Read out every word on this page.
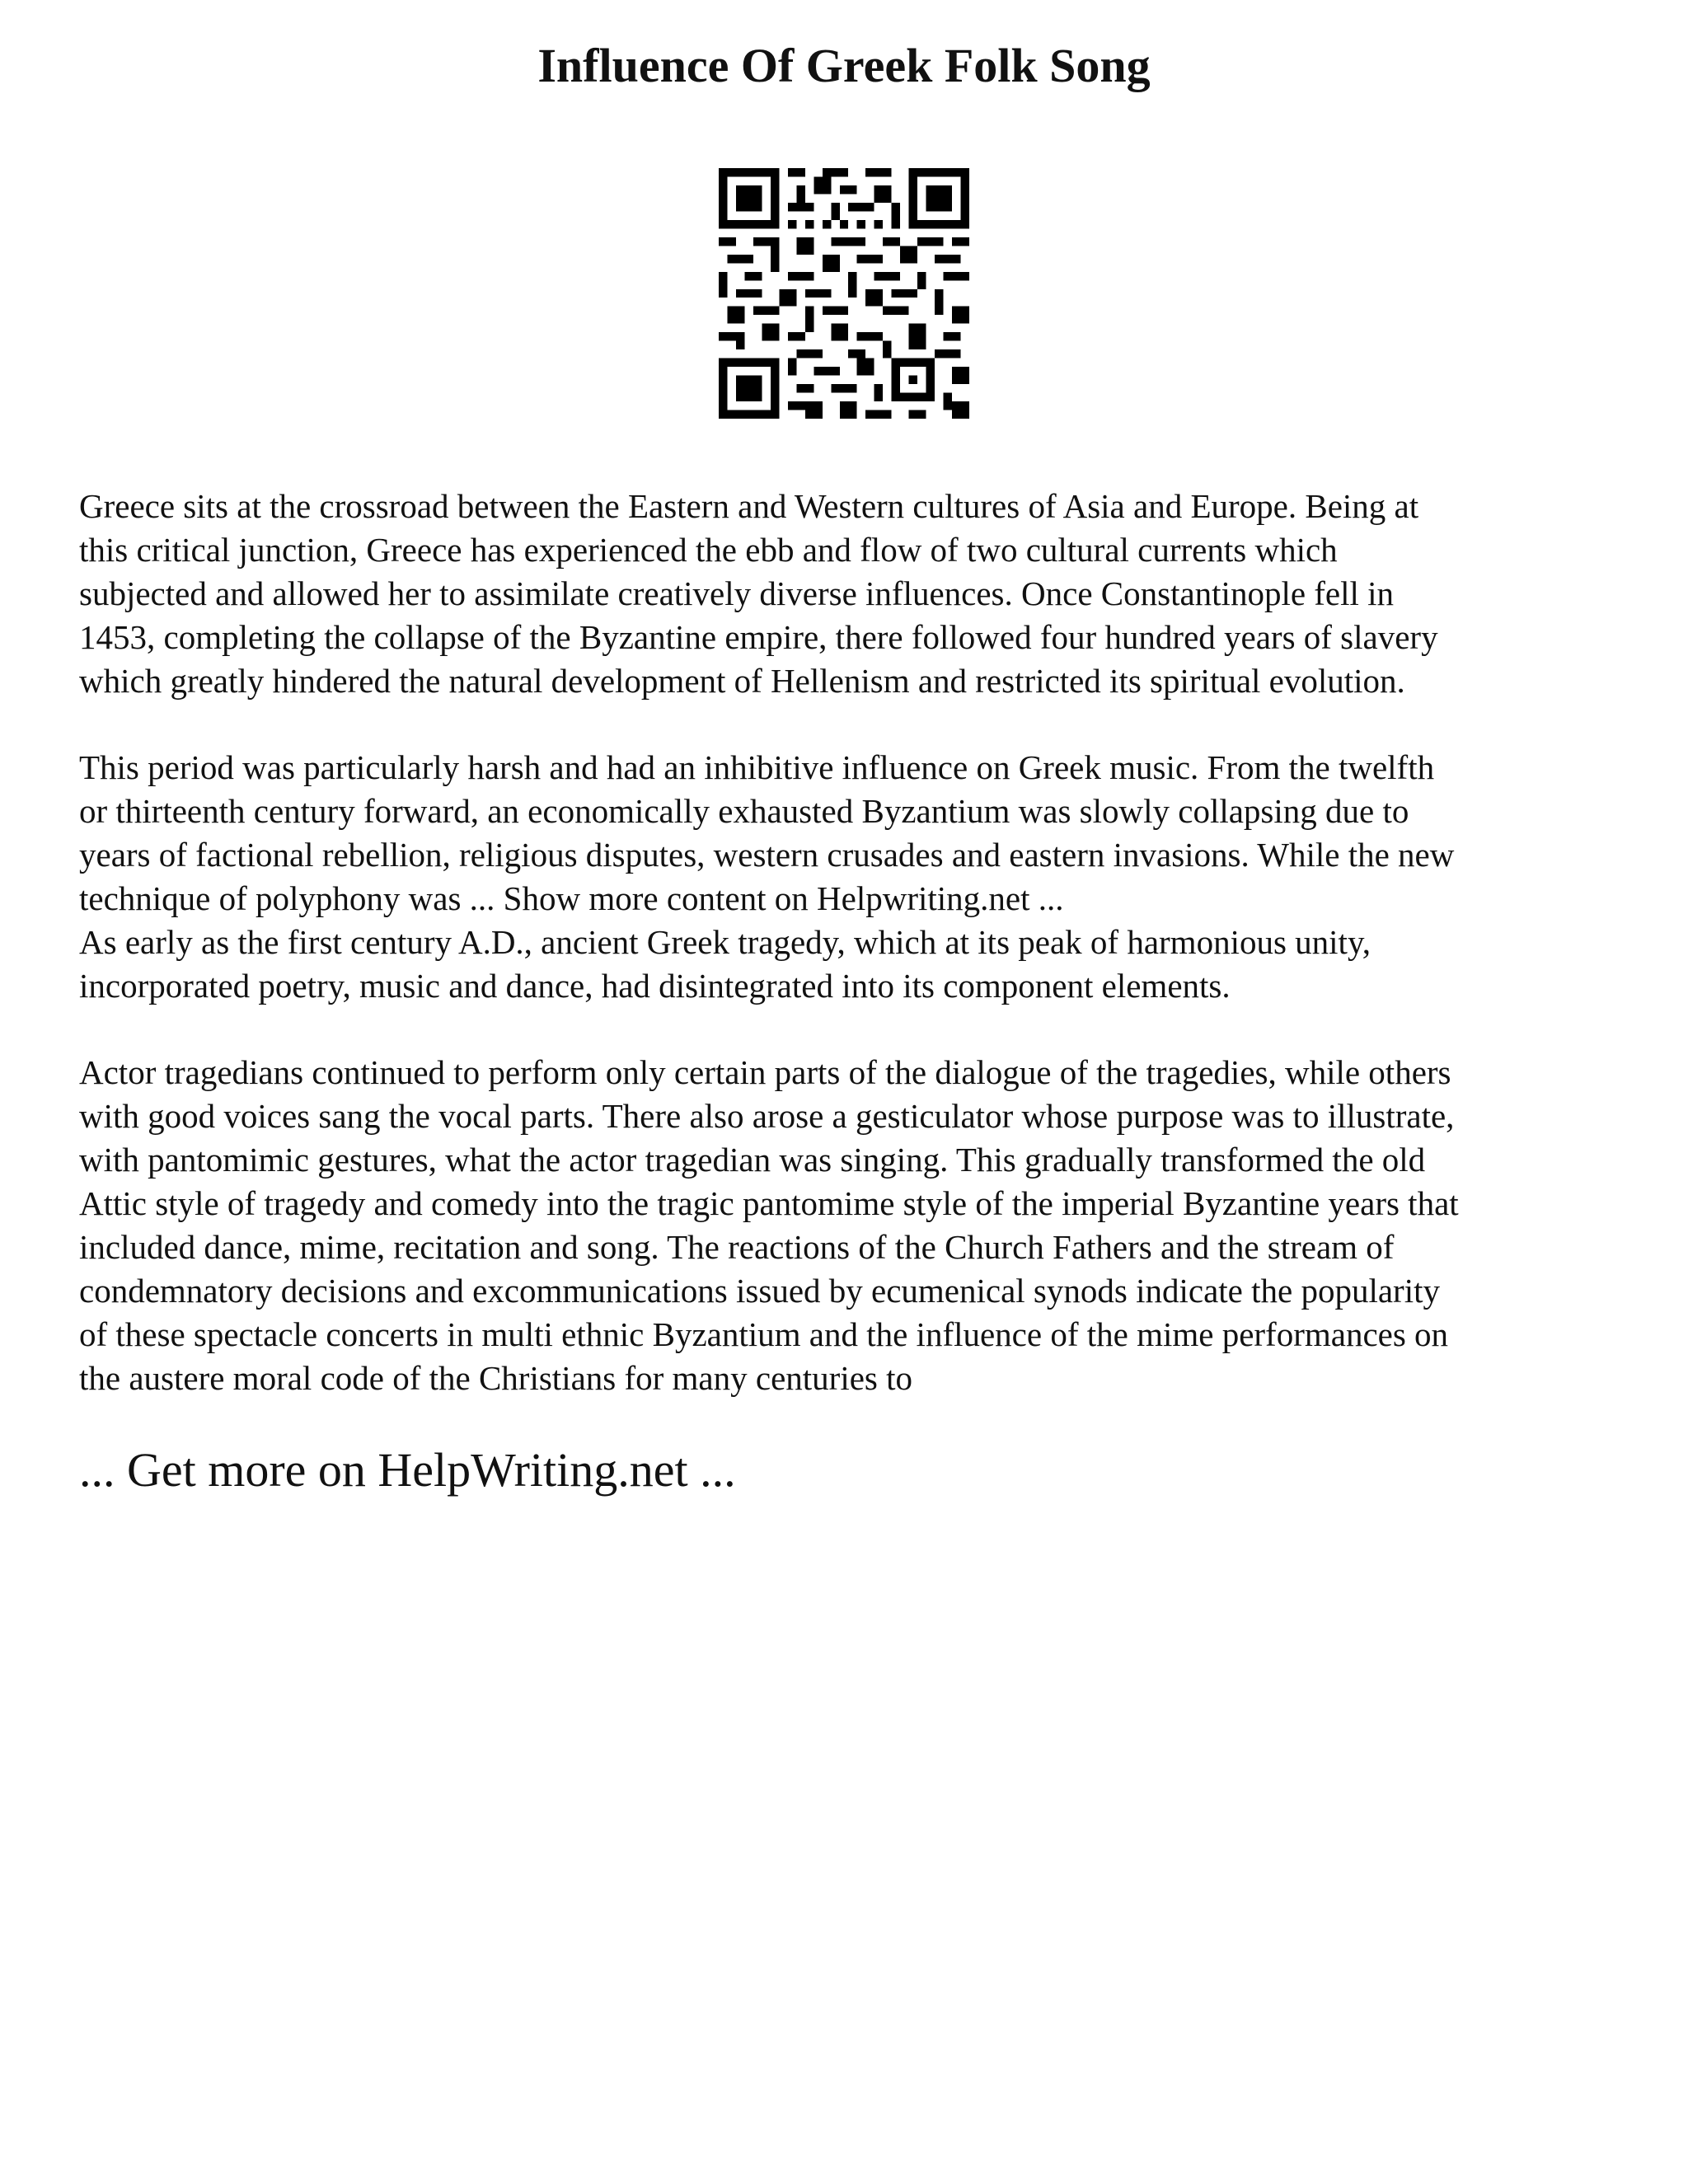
Influence Of Greek Folk Song

Greece sits at the crossroad between the Eastern and Western cultures of Asia and Europe. Being at
this critical junction, Greece has experienced the ebb and flow of two cultural currents which
subjected and allowed her to assimilate creatively diverse influences. Once Constantinople fell in
1453, completing the collapse of the Byzantine empire, there followed four hundred years of slavery
which greatly hindered the natural development of Hellenism and restricted its spiritual evolution.

This period was particularly harsh and had an inhibitive influence on Greek music. From the twelfth
or thirteenth century forward, an economically exhausted Byzantium was slowly collapsing due to
years of factional rebellion, religious disputes, western crusades and eastern invasions. While the new
technique of polyphony was ... Show more content on Helpwriting.net ...

As early as the first century A.D., ancient Greek tragedy, which at its peak of harmonious unity,
incorporated poetry, music and dance, had disintegrated into its component elements.

Actor tragedians continued to perform only certain parts of the dialogue of the tragedies, while others
with good voices sang the vocal parts. There also arose a gesticulator whose purpose was to illustrate,
with pantomimic gestures, what the actor tragedian was singing. This gradually transformed the old
Attic style of tragedy and comedy into the tragic pantomime style of the imperial Byzantine years that
included dance, mime, recitation and song. The reactions of the Church Fathers and the stream of
condemnatory decisions and excommunications issued by ecumenical synods indicate the popularity
of these spectacle concerts in multi ethnic Byzantium and the influence of the mime performances on
the austere moral code of the Christians for many centuries to

... Get more on HelpWriting.net ...
